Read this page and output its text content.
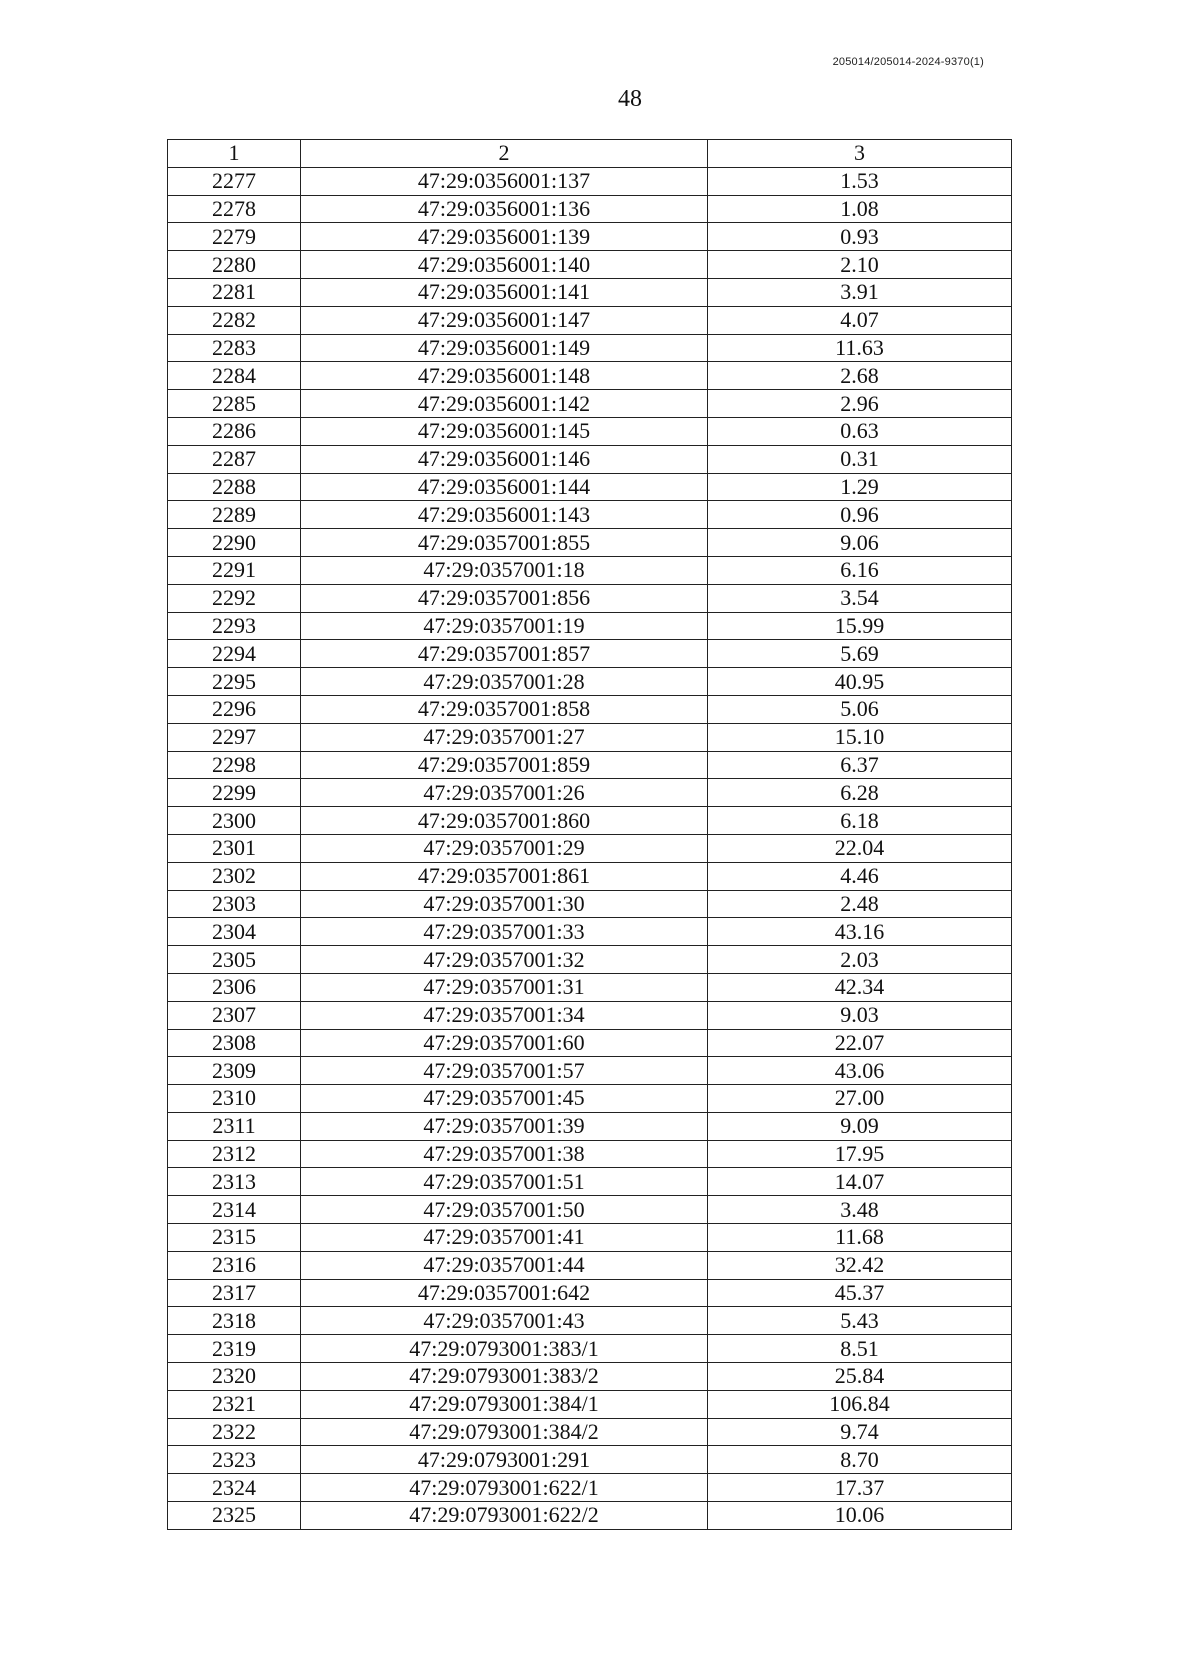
205014/205014-2024-9370(1)
48
1	2	3
2277	47:29:0356001:137	1.53
2278	47:29:0356001:136	1.08
2279	47:29:0356001:139	0.93
2280	47:29:0356001:140	2.10
2281	47:29:0356001:141	3.91
2282	47:29:0356001:147	4.07
2283	47:29:0356001:149	11.63
2284	47:29:0356001:148	2.68
2285	47:29:0356001:142	2.96
2286	47:29:0356001:145	0.63
2287	47:29:0356001:146	0.31
2288	47:29:0356001:144	1.29
2289	47:29:0356001:143	0.96
2290	47:29:0357001:855	9.06
2291	47:29:0357001:18	6.16
2292	47:29:0357001:856	3.54
2293	47:29:0357001:19	15.99
2294	47:29:0357001:857	5.69
2295	47:29:0357001:28	40.95
2296	47:29:0357001:858	5.06
2297	47:29:0357001:27	15.10
2298	47:29:0357001:859	6.37
2299	47:29:0357001:26	6.28
2300	47:29:0357001:860	6.18
2301	47:29:0357001:29	22.04
2302	47:29:0357001:861	4.46
2303	47:29:0357001:30	2.48
2304	47:29:0357001:33	43.16
2305	47:29:0357001:32	2.03
2306	47:29:0357001:31	42.34
2307	47:29:0357001:34	9.03
2308	47:29:0357001:60	22.07
2309	47:29:0357001:57	43.06
2310	47:29:0357001:45	27.00
2311	47:29:0357001:39	9.09
2312	47:29:0357001:38	17.95
2313	47:29:0357001:51	14.07
2314	47:29:0357001:50	3.48
2315	47:29:0357001:41	11.68
2316	47:29:0357001:44	32.42
2317	47:29:0357001:642	45.37
2318	47:29:0357001:43	5.43
2319	47:29:0793001:383/1	8.51
2320	47:29:0793001:383/2	25.84
2321	47:29:0793001:384/1	106.84
2322	47:29:0793001:384/2	9.74
2323	47:29:0793001:291	8.70
2324	47:29:0793001:622/1	17.37
2325	47:29:0793001:622/2	10.06
